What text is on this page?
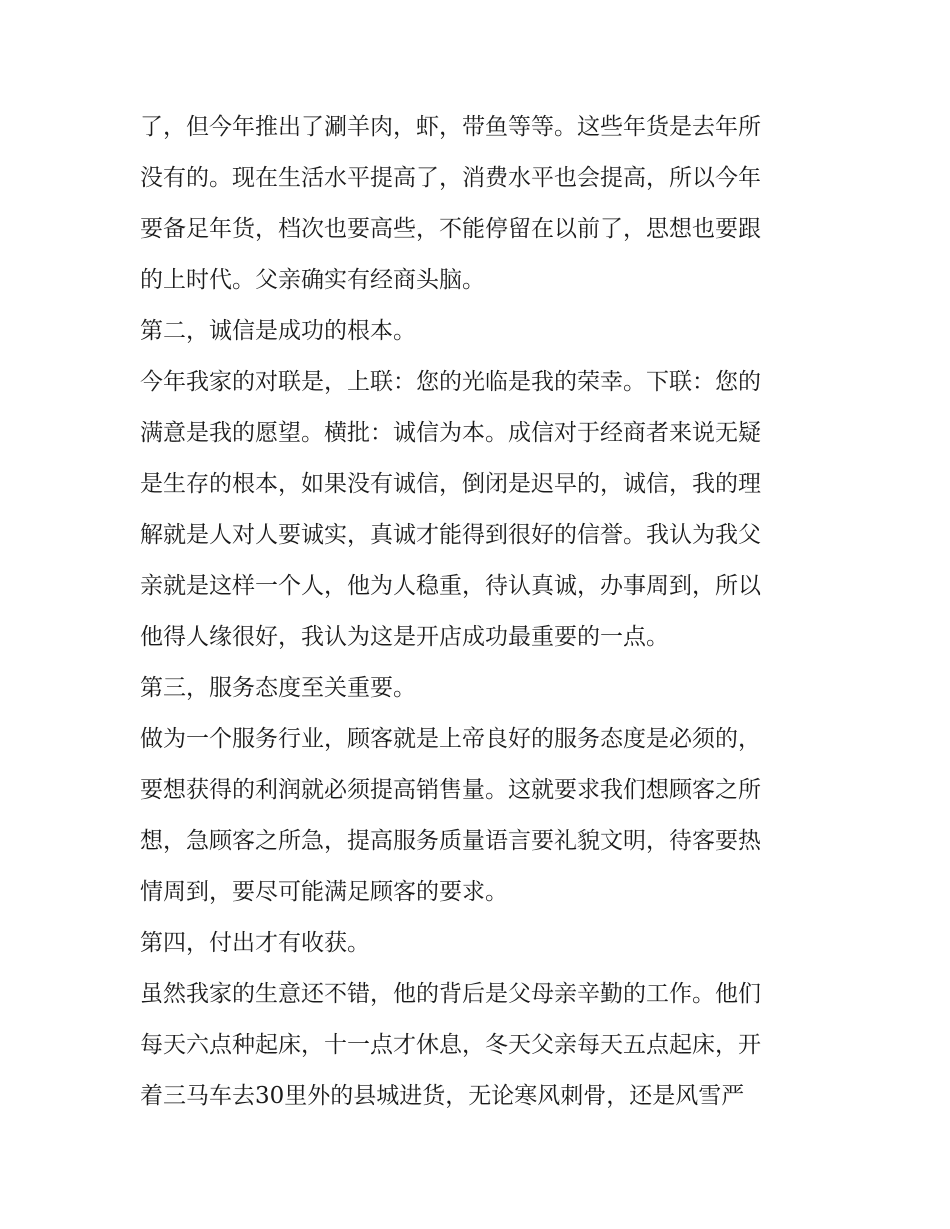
了，但今年推出了涮羊肉，虾，带鱼等等。这些年货是去年所
没有的。现在生活水平提高了，消费水平也会提高，所以今年
要备足年货，档次也要高些，不能停留在以前了，思想也要跟
的上时代。父亲确实有经商头脑。
第二，诚信是成功的根本。
今年我家的对联是，上联：您的光临是我的荣幸。下联：您的
满意是我的愿望。横批：诚信为本。成信对于经商者来说无疑
是生存的根本，如果没有诚信，倒闭是迟早的，诚信，我的理
解就是人对人要诚实，真诚才能得到很好的信誉。我认为我父
亲就是这样一个人，他为人稳重，待认真诚，办事周到，所以
他得人缘很好，我认为这是开店成功最重要的一点。
第三，服务态度至关重要。
做为一个服务行业，顾客就是上帝良好的服务态度是必须的，
要想获得的利润就必须提高销售量。这就要求我们想顾客之所
想，急顾客之所急，提高服务质量语言要礼貌文明，待客要热
情周到，要尽可能满足顾客的要求。
第四，付出才有收获。
虽然我家的生意还不错，他的背后是父母亲辛勤的工作。他们
每天六点种起床，十一点才休息，冬天父亲每天五点起床，开
着三马车去30里外的县城进货，无论寒风刺骨，还是风雪严
